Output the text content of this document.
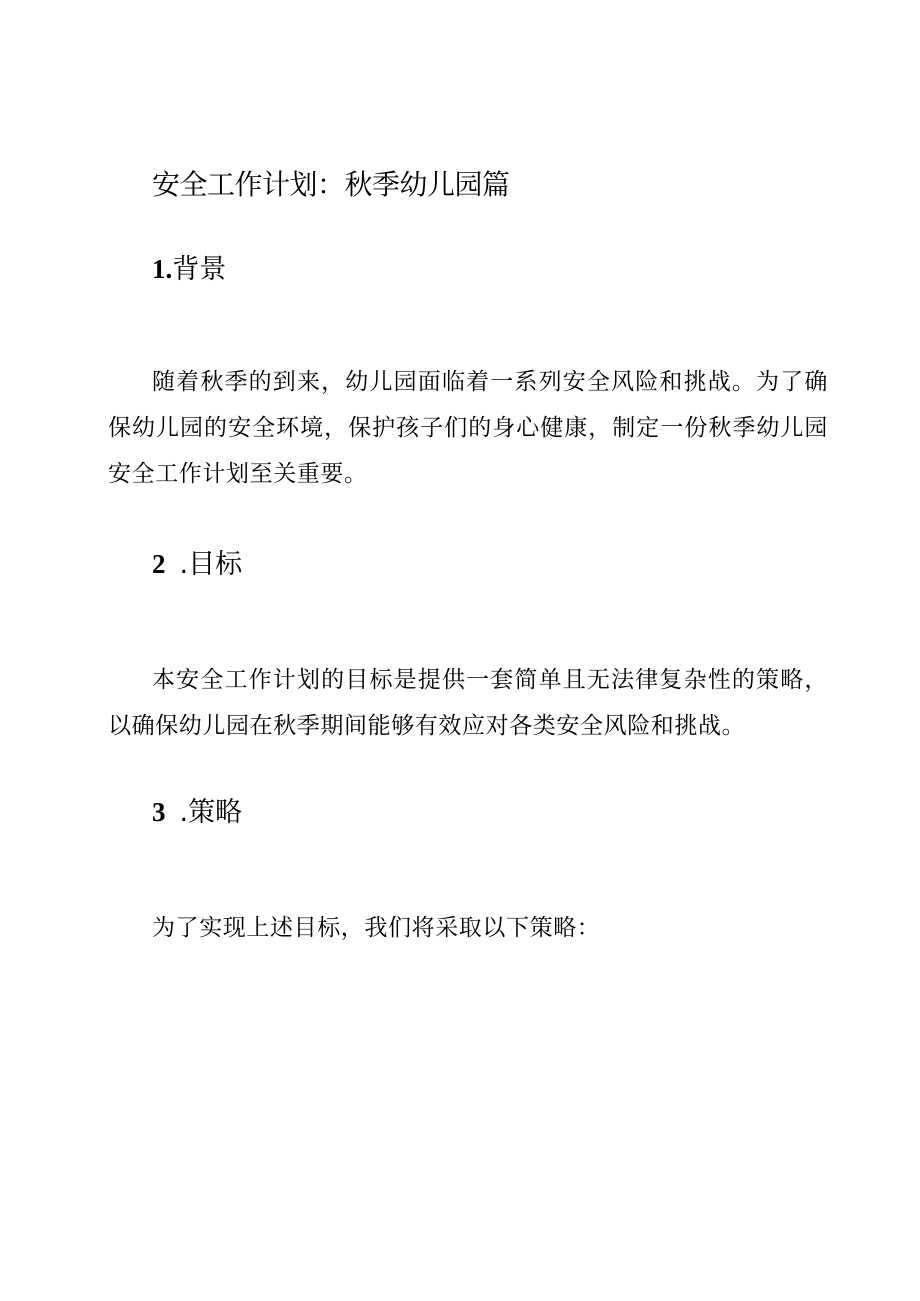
安全工作计划：秋季幼儿园篇
1.背景

随着秋季的到来，幼儿园面临着一系列安全风险和挑战。为了确保幼儿园的安全环境，保护孩子们的身心健康，制定一份秋季幼儿园安全工作计划至关重要。

2 .目标

本安全工作计划的目标是提供一套简单且无法律复杂性的策略，以确保幼儿园在秋季期间能够有效应对各类安全风险和挑战。

3 .策略

为了实现上述目标，我们将采取以下策略：
